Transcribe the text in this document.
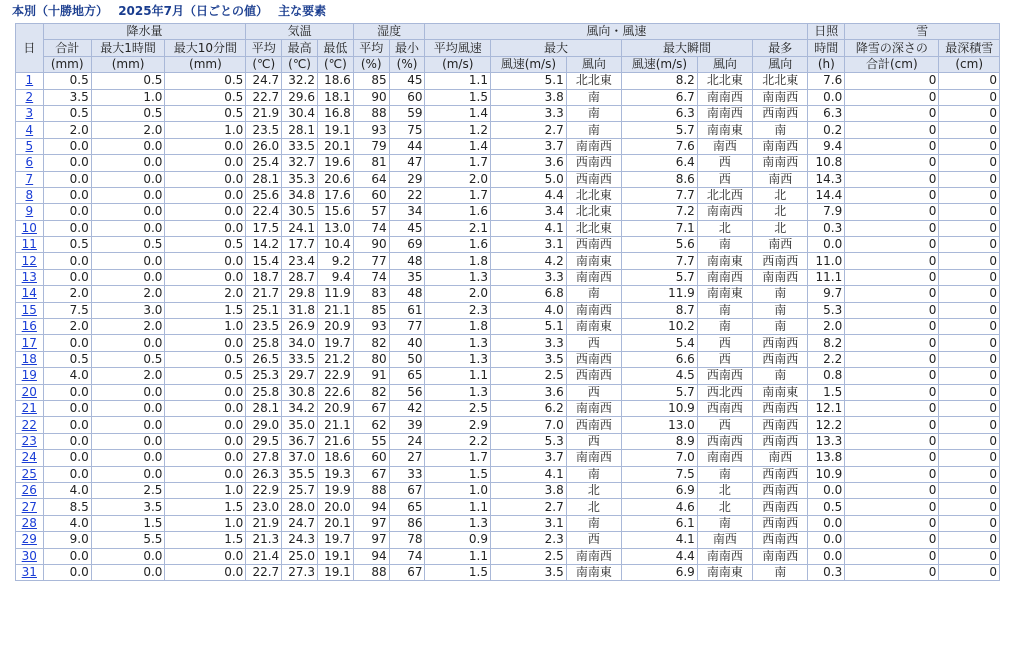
本別（十勝地方） 2025年7月（日ごとの値） 主な要素
日	降水量			気温			湿度		風向・風速						日照	雪	
	合計	最大1時間	最大10分間	平均	最高	最低	平均	最小	平均風速	最大		最大瞬間		最多	時間	降雪の深さの	最深積雪
	(mm)	(mm)	(mm)	(℃)	(℃)	(℃)	(%)	(%)	(m/s)	風速(m/s)	風向	風速(m/s)	風向	風向	(h)	合計(cm)	(cm)
1	0.5	0.5	0.5	24.7	32.2	18.6	85	45	1.1	5.1	北北東	8.2	北北東	北北東	7.6	0	0
2	3.5	1.0	0.5	22.7	29.6	18.1	90	60	1.5	3.8	南	6.7	南南西	南南西	0.0	0	0
3	0.5	0.5	0.5	21.9	30.4	16.8	88	59	1.4	3.3	南	6.3	南南西	西南西	6.3	0	0
4	2.0	2.0	1.0	23.5	28.1	19.1	93	75	1.2	2.7	南	5.7	南南東	南	0.2	0	0
5	0.0	0.0	0.0	26.0	33.5	20.1	79	44	1.4	3.7	南南西	7.6	南西	南南西	9.4	0	0
6	0.0	0.0	0.0	25.4	32.7	19.6	81	47	1.7	3.6	西南西	6.4	西	南南西	10.8	0	0
7	0.0	0.0	0.0	28.1	35.3	20.6	64	29	2.0	5.0	西南西	8.6	西	南西	14.3	0	0
8	0.0	0.0	0.0	25.6	34.8	17.6	60	22	1.7	4.4	北北東	7.7	北北西	北	14.4	0	0
9	0.0	0.0	0.0	22.4	30.5	15.6	57	34	1.6	3.4	北北東	7.2	南南西	北	7.9	0	0
10	0.0	0.0	0.0	17.5	24.1	13.0	74	45	2.1	4.1	北北東	7.1	北	北	0.3	0	0
11	0.5	0.5	0.5	14.2	17.7	10.4	90	69	1.6	3.1	西南西	5.6	南	南西	0.0	0	0
12	0.0	0.0	0.0	15.4	23.4	9.2	77	48	1.8	4.2	南南東	7.7	南南東	西南西	11.0	0	0
13	0.0	0.0	0.0	18.7	28.7	9.4	74	35	1.3	3.3	南南西	5.7	南南西	南南西	11.1	0	0
14	2.0	2.0	2.0	21.7	29.8	11.9	83	48	2.0	6.8	南	11.9	南南東	南	9.7	0	0
15	7.5	3.0	1.5	25.1	31.8	21.1	85	61	2.3	4.0	南南西	8.7	南	南	5.3	0	0
16	2.0	2.0	1.0	23.5	26.9	20.9	93	77	1.8	5.1	南南東	10.2	南	南	2.0	0	0
17	0.0	0.0	0.0	25.8	34.0	19.7	82	40	1.3	3.3	西	5.4	西	西南西	8.2	0	0
18	0.5	0.5	0.5	26.5	33.5	21.2	80	50	1.3	3.5	西南西	6.6	西	西南西	2.2	0	0
19	4.0	2.0	0.5	25.3	29.7	22.9	91	65	1.1	2.5	西南西	4.5	西南西	南	0.8	0	0
20	0.0	0.0	0.0	25.8	30.8	22.6	82	56	1.3	3.6	西	5.7	西北西	南南東	1.5	0	0
21	0.0	0.0	0.0	28.1	34.2	20.9	67	42	2.5	6.2	南南西	10.9	西南西	西南西	12.1	0	0
22	0.0	0.0	0.0	29.0	35.0	21.1	62	39	2.9	7.0	西南西	13.0	西	西南西	12.2	0	0
23	0.0	0.0	0.0	29.5	36.7	21.6	55	24	2.2	5.3	西	8.9	西南西	西南西	13.3	0	0
24	0.0	0.0	0.0	27.8	37.0	18.6	60	27	1.7	3.7	南南西	7.0	南南西	南西	13.8	0	0
25	0.0	0.0	0.0	26.3	35.5	19.3	67	33	1.5	4.1	南	7.5	南	西南西	10.9	0	0
26	4.0	2.5	1.0	22.9	25.7	19.9	88	67	1.0	3.8	北	6.9	北	西南西	0.0	0	0
27	8.5	3.5	1.5	23.0	28.0	20.0	94	65	1.1	2.7	北	4.6	北	西南西	0.5	0	0
28	4.0	1.5	1.0	21.9	24.7	20.1	97	86	1.3	3.1	南	6.1	南	西南西	0.0	0	0
29	9.0	5.5	1.5	21.3	24.3	19.7	97	78	0.9	2.3	西	4.1	南西	西南西	0.0	0	0
30	0.0	0.0	0.0	21.4	25.0	19.1	94	74	1.1	2.5	南南西	4.4	南南西	南南西	0.0	0	0
31	0.0	0.0	0.0	22.7	27.3	19.1	88	67	1.5	3.5	南南東	6.9	南南東	南	0.3	0	0
